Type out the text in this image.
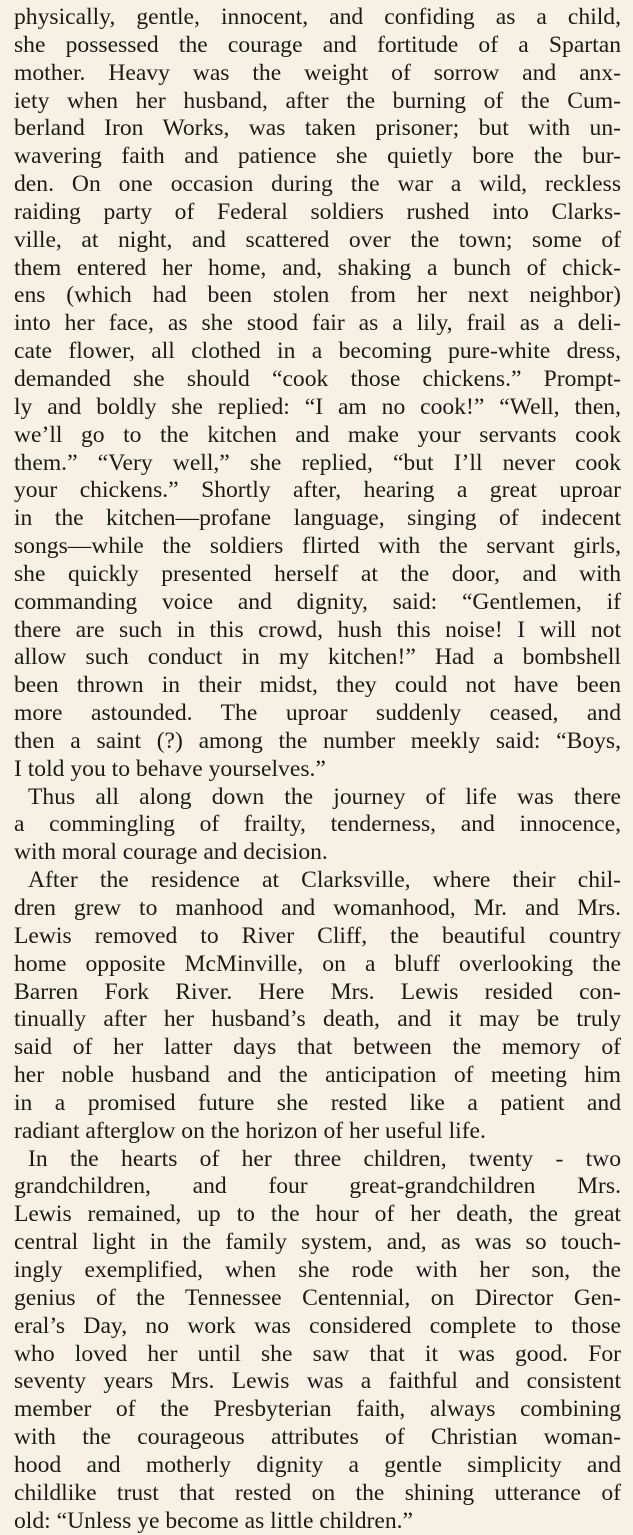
physically, gentle, innocent, and confiding as a child,
she possessed the courage and fortitude of a Spartan
mother. Heavy was the weight of sorrow and anx-
iety when her husband, after the burning of the Cum-
berland Iron Works, was taken prisoner; but with un-
wavering faith and patience she quietly bore the bur-
den. On one occasion during the war a wild, reckless
raiding party of Federal soldiers rushed into Clarks-
ville, at night, and scattered over the town; some of
them entered her home, and, shaking a bunch of chick-
ens (which had been stolen from her next neighbor)
into her face, as she stood fair as a lily, frail as a deli-
cate flower, all clothed in a becoming pure-white dress,
demanded she should “cook those chickens.” Prompt-
ly and boldly she replied: “I am no cook!” “Well, then,
we’ll go to the kitchen and make your servants cook
them.” “Very well,” she replied, “but I’ll never cook
your chickens.” Shortly after, hearing a great uproar
in the kitchen—profane language, singing of indecent
songs—while the soldiers flirted with the servant girls,
she quickly presented herself at the door, and with
commanding voice and dignity, said: “Gentlemen, if
there are such in this crowd, hush this noise! I will not
allow such conduct in my kitchen!” Had a bombshell
been thrown in their midst, they could not have been
more astounded. The uproar suddenly ceased, and
then a saint (?) among the number meekly said: “Boys,
I told you to behave yourselves.”
Thus all along down the journey of life was there
a commingling of frailty, tenderness, and innocence,
with moral courage and decision.
After the residence at Clarksville, where their chil-
dren grew to manhood and womanhood, Mr. and Mrs.
Lewis removed to River Cliff, the beautiful country
home opposite McMinville, on a bluff overlooking the
Barren Fork River. Here Mrs. Lewis resided con-
tinually after her husband’s death, and it may be truly
said of her latter days that between the memory of
her noble husband and the anticipation of meeting him
in a promised future she rested like a patient and
radiant afterglow on the horizon of her useful life.
In the hearts of her three children, twenty - two
grandchildren, and four great-grandchildren Mrs.
Lewis remained, up to the hour of her death, the great
central light in the family system, and, as was so touch-
ingly exemplified, when she rode with her son, the
genius of the Tennessee Centennial, on Director Gen-
eral’s Day, no work was considered complete to those
who loved her until she saw that it was good. For
seventy years Mrs. Lewis was a faithful and consistent
member of the Presbyterian faith, always combining
with the courageous attributes of Christian woman-
hood and motherly dignity a gentle simplicity and
childlike trust that rested on the shining utterance of
old: “Unless ye become as little children.”
